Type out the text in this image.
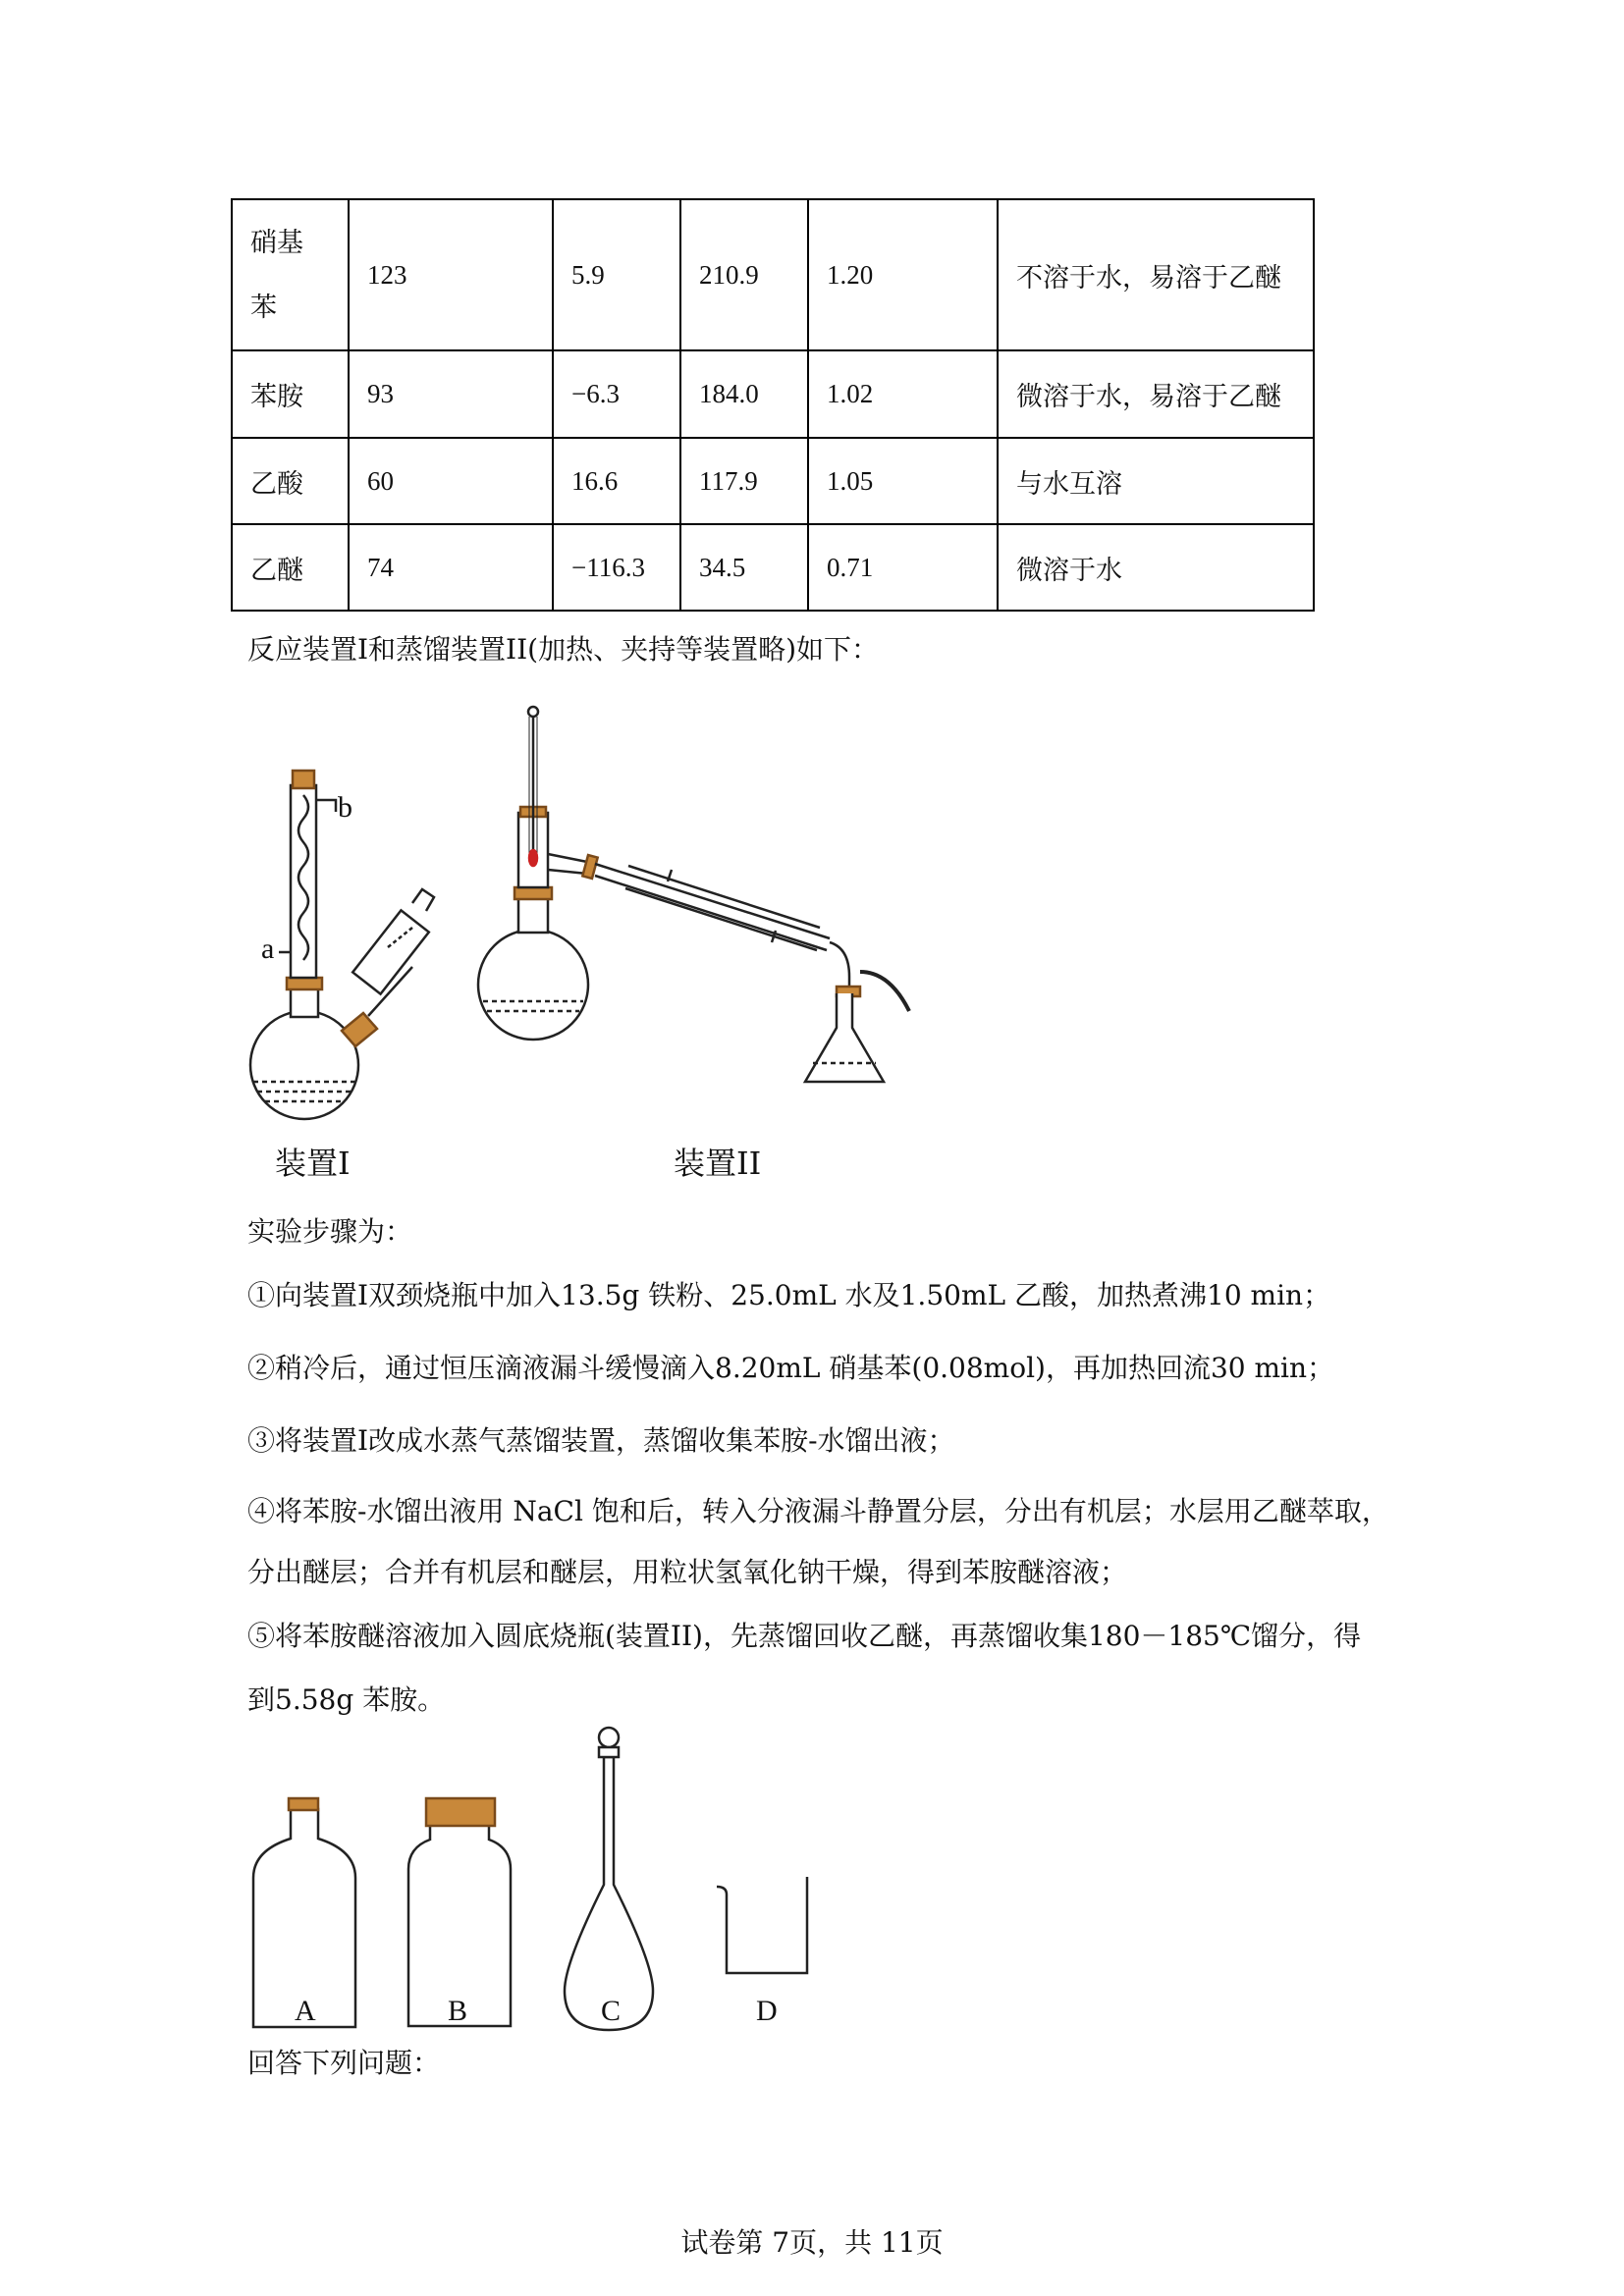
硝基苯	123	5.9	210.9	1.20	不溶于水，易溶于乙醚
苯胺	93	−6.3	184.0	1.02	微溶于水，易溶于乙醚
乙酸	60	16.6	117.9	1.05	与水互溶
乙醚	74	−116.3	34.5	0.71	微溶于水
反应装置I和蒸馏装置II(加热、夹持等装置略)如下：
b
a
装置I	装置II
实验步骤为：
①向装置I双颈烧瓶中加入13.5g 铁粉、25.0mL 水及1.50mL 乙酸，加热煮沸10 min；
②稍冷后，通过恒压滴液漏斗缓慢滴入8.20mL 硝基苯(0.08mol)，再加热回流30 min；
③将装置I改成水蒸气蒸馏装置，蒸馏收集苯胺-水馏出液；
④将苯胺-水馏出液用 NaCl 饱和后，转入分液漏斗静置分层，分出有机层；水层用乙醚萃取，
分出醚层；合并有机层和醚层，用粒状氢氧化钠干燥，得到苯胺醚溶液；
⑤将苯胺醚溶液加入圆底烧瓶(装置II)，先蒸馏回收乙醚，再蒸馏收集180－185℃馏分，得
到5.58g 苯胺。
A	B	C	D
回答下列问题：
试卷第 7页，共 11页
